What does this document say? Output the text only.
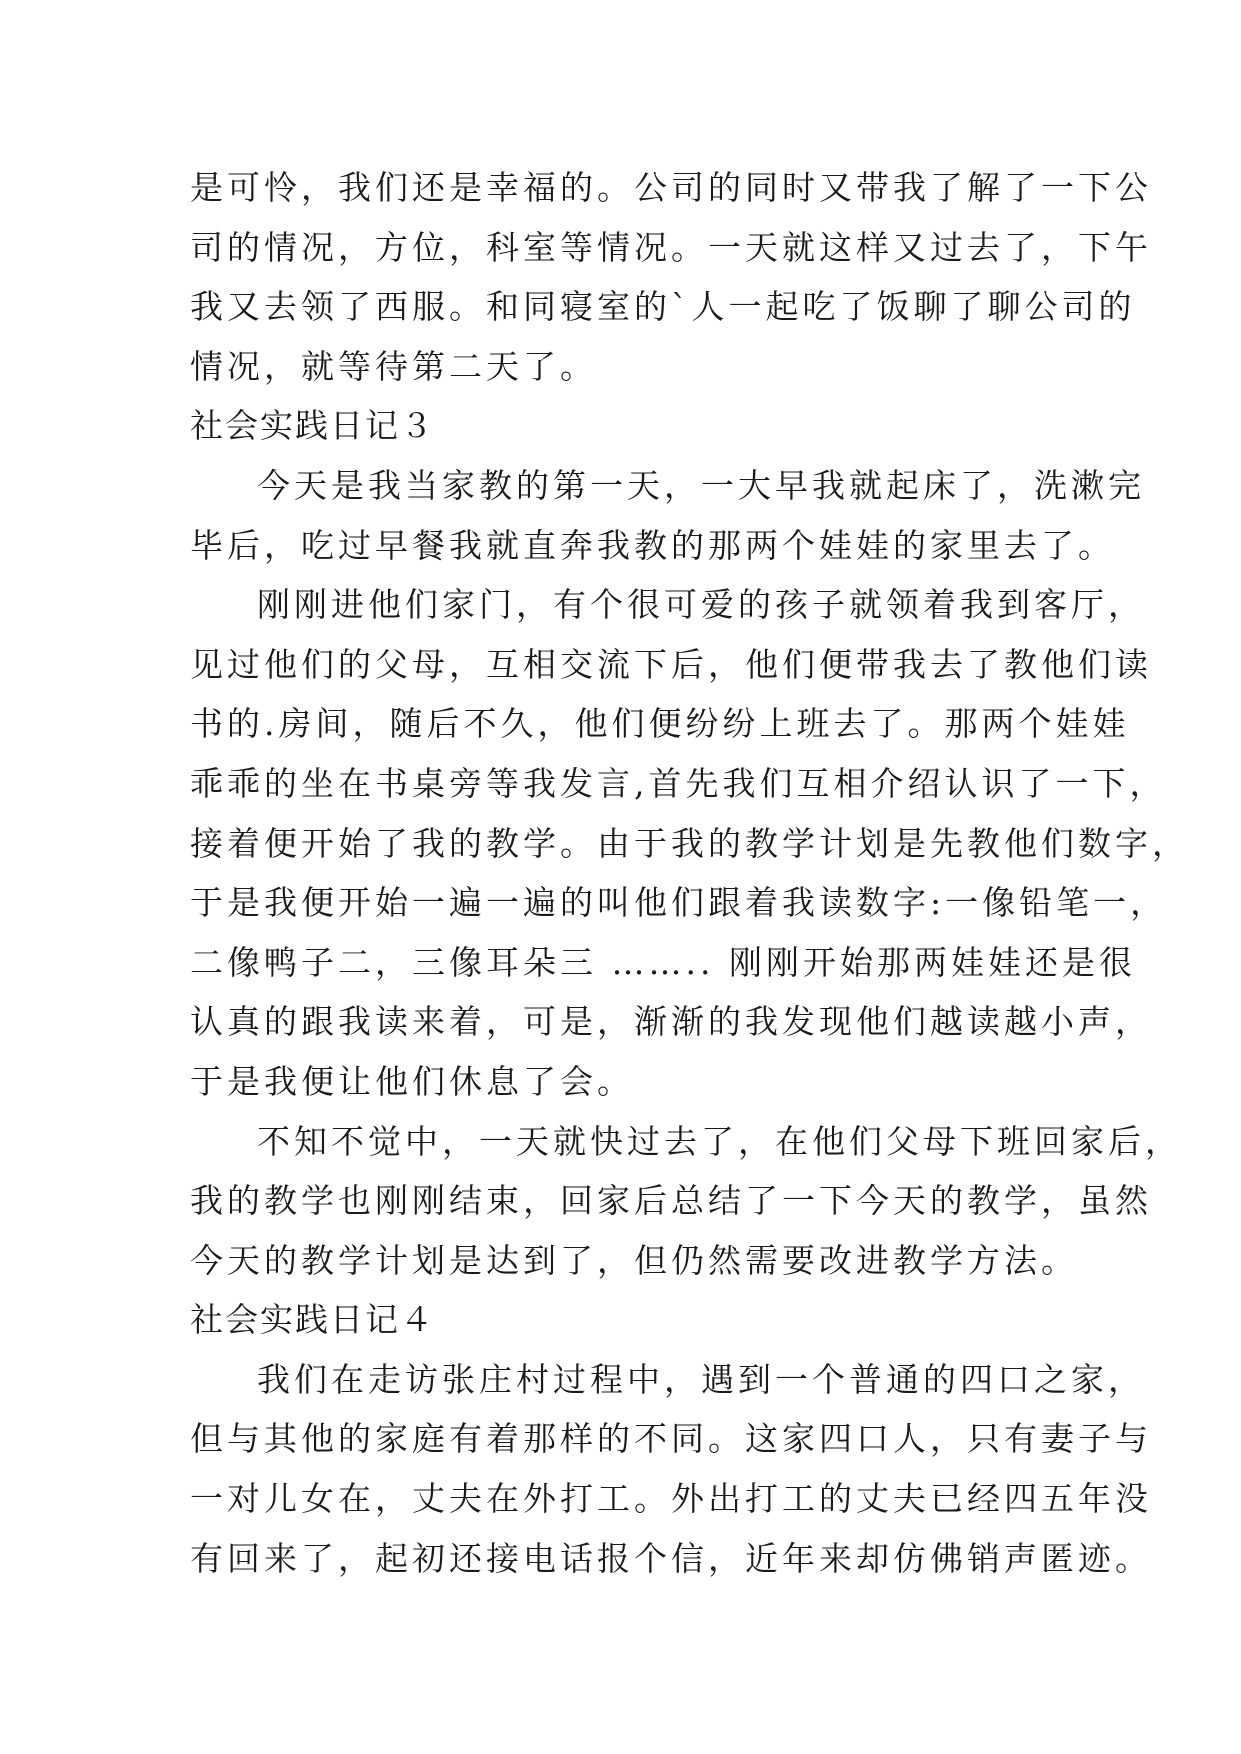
是可怜，我们还是幸福的。公司的同时又带我了解了一下公
司的情况，方位，科室等情况。一天就这样又过去了，下午
我又去领了西服。和同寝室的`人一起吃了饭聊了聊公司的
情况，就等待第二天了。
社会实践日记３
今天是我当家教的第一天，一大早我就起床了，洗漱完
毕后，吃过早餐我就直奔我教的那两个娃娃的家里去了。
刚刚进他们家门，有个很可爱的孩子就领着我到客厅，
见过他们的父母，互相交流下后，他们便带我去了教他们读
书的.房间，随后不久，他们便纷纷上班去了。那两个娃娃
乖乖的坐在书桌旁等我发言,首先我们互相介绍认识了一下，
接着便开始了我的教学。由于我的教学计划是先教他们数字，
于是我便开始一遍一遍的叫他们跟着我读数字:一像铅笔一，
二像鸭子二，三像耳朵三 …….. 刚刚开始那两娃娃还是很
认真的跟我读来着，可是，渐渐的我发现他们越读越小声，
于是我便让他们休息了会。
不知不觉中，一天就快过去了，在他们父母下班回家后，
我的教学也刚刚结束，回家后总结了一下今天的教学，虽然
今天的教学计划是达到了，但仍然需要改进教学方法。
社会实践日记４
我们在走访张庄村过程中，遇到一个普通的四口之家，
但与其他的家庭有着那样的不同。这家四口人，只有妻子与
一对儿女在，丈夫在外打工。外出打工的丈夫已经四五年没
有回来了，起初还接电话报个信，近年来却仿佛销声匿迹。
